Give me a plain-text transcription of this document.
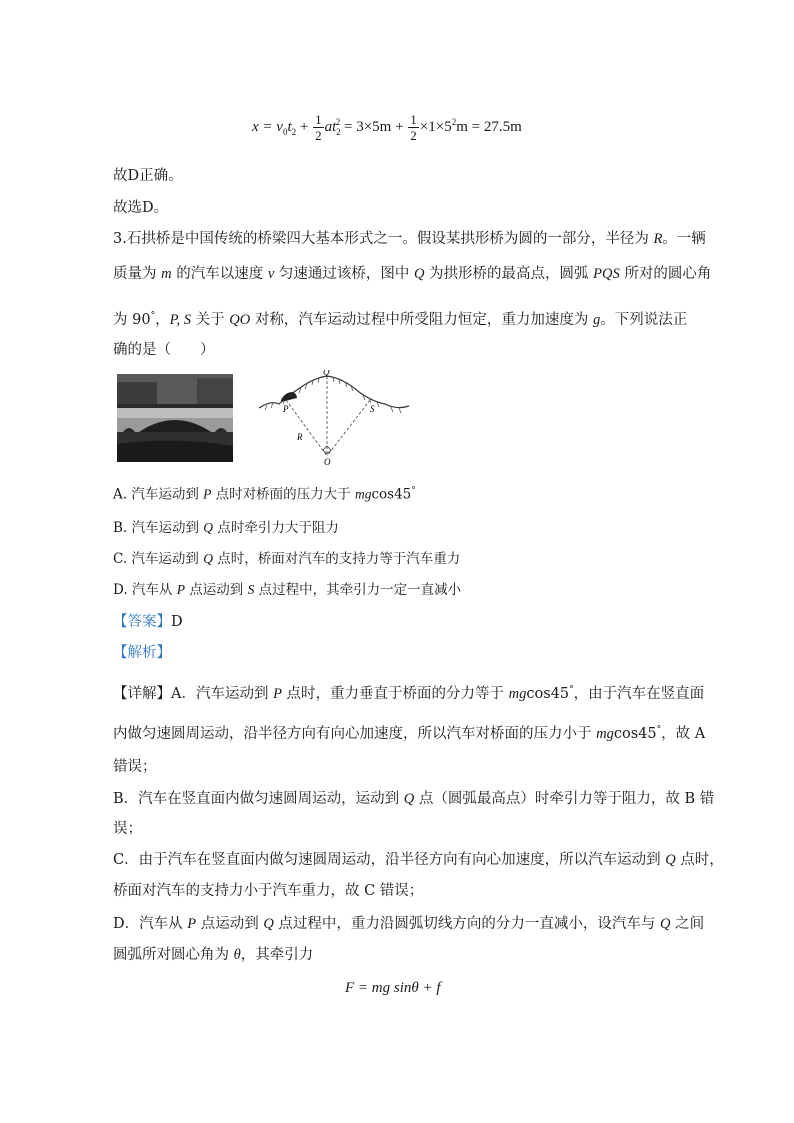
$x = v_0t_2 + \frac{1}{2} at_2^2 = 3\times 5m + \frac{1}{2} \times 1\times 5^2m = 27.5m$
故D正确。
故选D。
3.石拱桥是中国传统的桥梁四大基本形式之一。假设某拱形桥为圆的一部分，半径为 R。一辆
质量为 m 的汽车以速度 v 匀速通过该桥，图中 Q 为拱形桥的最高点，圆弧 PQS 所对的圆心角
为 90°，P, S 关于 QO 对称，汽车运动过程中所受阻力恒定，重力加速度为 g。下列说法正
确的是（　　）
Q
P	S
R
O
A. 汽车运动到 P 点时对桥面的压力大于 mgcos45°
B. 汽车运动到 Q 点时牵引力大于阻力
C. 汽车运动到 Q 点时，桥面对汽车的支持力等于汽车重力
D. 汽车从 P 点运动到 S 点过程中，其牵引力一定一直减小
【答案】D
【解析】
【详解】A．汽车运动到 P 点时，重力垂直于桥面的分力等于 mgcos45°，由于汽车在竖直面
内做匀速圆周运动，沿半径方向有向心加速度，所以汽车对桥面的压力小于 mgcos45°，故 A
错误；
B．汽车在竖直面内做匀速圆周运动，运动到 Q 点（圆弧最高点）时牵引力等于阻力，故 B 错
误；
C．由于汽车在竖直面内做匀速圆周运动，沿半径方向有向心加速度，所以汽车运动到 Q 点时，
桥面对汽车的支持力小于汽车重力，故 C 错误；
D．汽车从 P 点运动到 Q 点过程中，重力沿圆弧切线方向的分力一直减小，设汽车与 Q 之间
圆弧所对圆心角为 θ，其牵引力
F = mg sinθ + f
